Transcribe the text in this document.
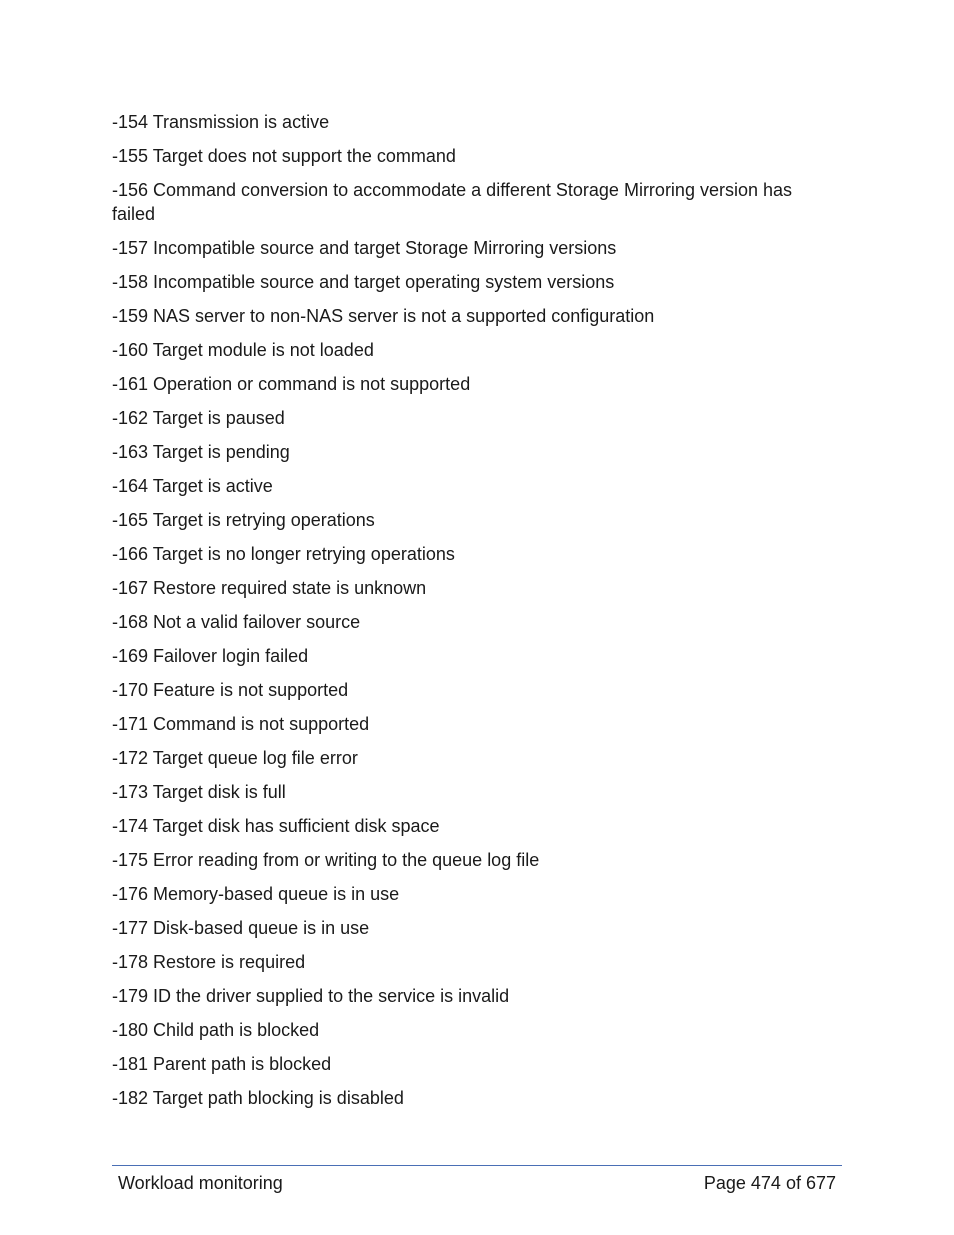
-154 Transmission is active

-155 Target does not support the command

-156 Command conversion to accommodate a different Storage Mirroring version has failed

-157 Incompatible source and target Storage Mirroring versions

-158 Incompatible source and target operating system versions

-159 NAS server to non-NAS server is not a supported configuration

-160 Target module is not loaded

-161 Operation or command is not supported

-162 Target is paused

-163 Target is pending

-164 Target is active

-165 Target is retrying operations

-166 Target is no longer retrying operations

-167 Restore required state is unknown

-168 Not a valid failover source

-169 Failover login failed

-170 Feature is not supported

-171 Command is not supported

-172 Target queue log file error

-173 Target disk is full

-174 Target disk has sufficient disk space

-175 Error reading from or writing to the queue log file

-176 Memory-based queue is in use

-177 Disk-based queue is in use

-178 Restore is required

-179 ID the driver supplied to the service is invalid

-180 Child path is blocked

-181 Parent path is blocked

-182 Target path blocking is disabled

Workload monitoring	Page 474 of 677
